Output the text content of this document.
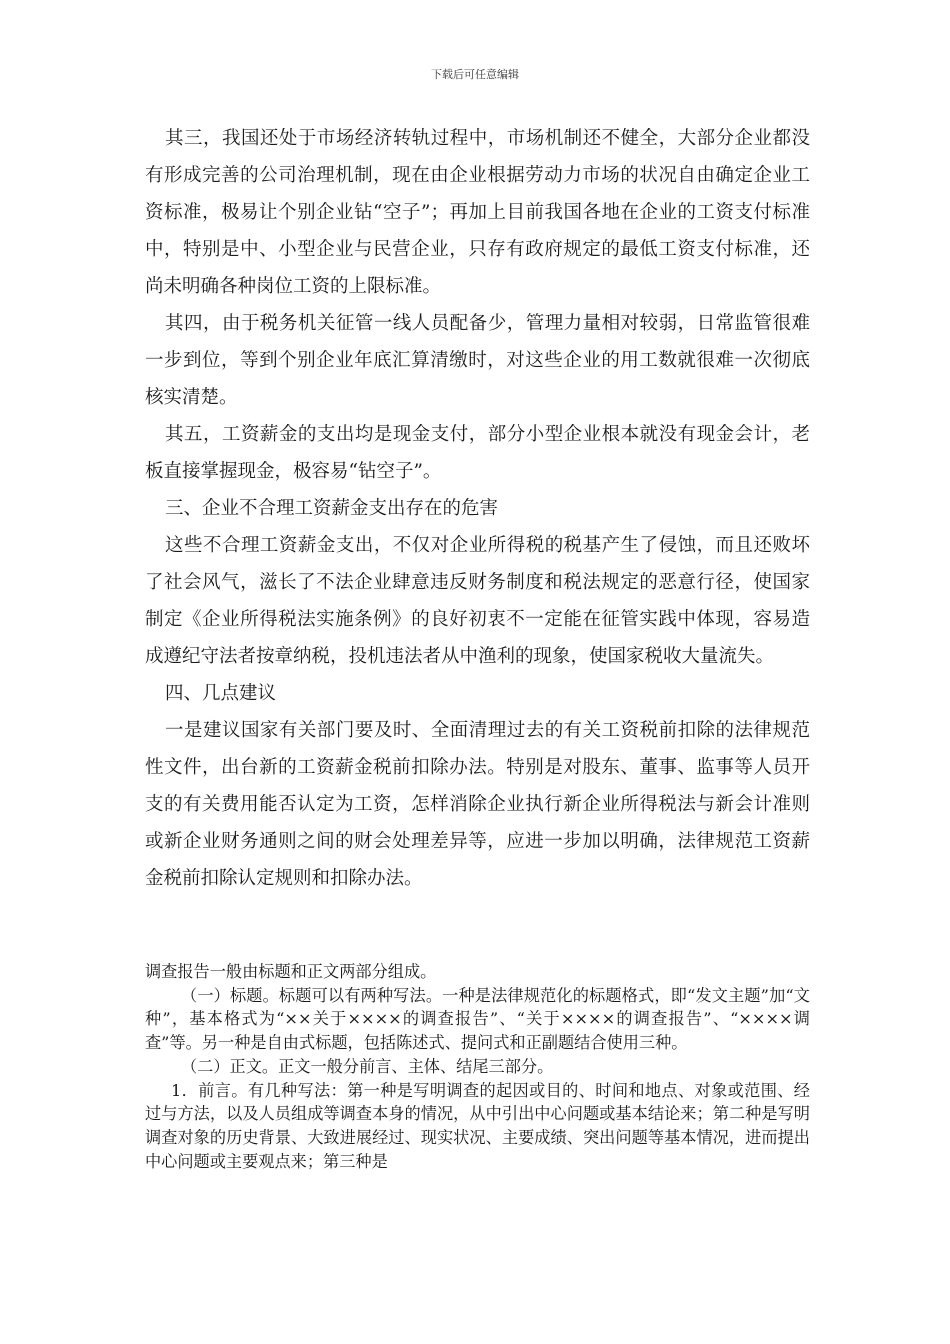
下载后可任意编辑

其三，我国还处于市场经济转轨过程中，市场机制还不健全，大部分企业都没有形成完善的公司治理机制，现在由企业根据劳动力市场的状况自由确定企业工资标准，极易让个别企业钻“空子”；再加上目前我国各地在企业的工资支付标准中，特别是中、小型企业与民营企业，只存有政府规定的最低工资支付标准，还尚未明确各种岗位工资的上限标准。

其四，由于税务机关征管一线人员配备少，管理力量相对较弱，日常监管很难一步到位，等到个别企业年底汇算清缴时，对这些企业的用工数就很难一次彻底核实清楚。

其五，工资薪金的支出均是现金支付，部分小型企业根本就没有现金会计，老板直接掌握现金，极容易“钻空子”。

三、企业不合理工资薪金支出存在的危害

这些不合理工资薪金支出，不仅对企业所得税的税基产生了侵蚀，而且还败坏了社会风气，滋长了不法企业肆意违反财务制度和税法规定的恶意行径，使国家制定《企业所得税法实施条例》的良好初衷不一定能在征管实践中体现，容易造成遵纪守法者按章纳税，投机违法者从中渔利的现象，使国家税收大量流失。

四、几点建议

一是建议国家有关部门要及时、全面清理过去的有关工资税前扣除的法律规范性文件，出台新的工资薪金税前扣除办法。特别是对股东、董事、监事等人员开支的有关费用能否认定为工资，怎样消除企业执行新企业所得税法与新会计准则或新企业财务通则之间的财会处理差异等，应进一步加以明确，法律规范工资薪金税前扣除认定规则和扣除办法。

调查报告一般由标题和正文两部分组成。

（一）标题。标题可以有两种写法。一种是法律规范化的标题格式，即“发文主题”加“文种”，基本格式为“××关于××××的调查报告”、“关于××××的调查报告”、“××××调查”等。另一种是自由式标题，包括陈述式、提问式和正副题结合使用三种。

（二）正文。正文一般分前言、主体、结尾三部分。

1．前言。有几种写法：第一种是写明调查的起因或目的、时间和地点、对象或范围、经过与方法，以及人员组成等调查本身的情况，从中引出中心问题或基本结论来；第二种是写明调查对象的历史背景、大致进展经过、现实状况、主要成绩、突出问题等基本情况，进而提出中心问题或主要观点来；第三种是
